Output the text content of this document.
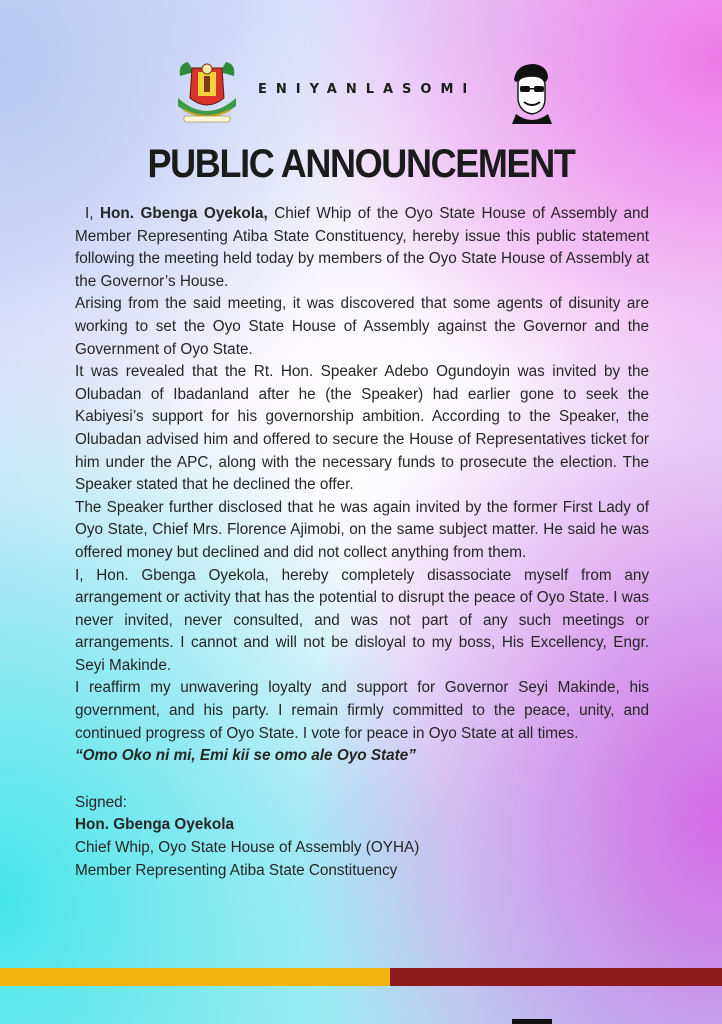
ENIYANLASOMI
PUBLIC ANNOUNCEMENT

I, Hon. Gbenga Oyekola, Chief Whip of the Oyo State House of Assembly and Member Representing Atiba State Constituency, hereby issue this public statement following the meeting held today by members of the Oyo State House of Assembly at the Governor’s House.

Arising from the said meeting, it was discovered that some agents of disunity are working to set the Oyo State House of Assembly against the Governor and the Government of Oyo State.

It was revealed that the Rt. Hon. Speaker Adebo Ogundoyin was invited by the Olubadan of Ibadanland after he (the Speaker) had earlier gone to seek the Kabiyesi’s support for his governorship ambition. According to the Speaker, the Olubadan advised him and offered to secure the House of Representatives ticket for him under the APC, along with the necessary funds to prosecute the election. The Speaker stated that he declined the offer.

The Speaker further disclosed that he was again invited by the former First Lady of Oyo State, Chief Mrs. Florence Ajimobi, on the same subject matter. He said he was offered money but declined and did not collect anything from them.

I, Hon. Gbenga Oyekola, hereby completely disassociate myself from any arrangement or activity that has the potential to disrupt the peace of Oyo State. I was never invited, never consulted, and was not part of any such meetings or arrangements. I cannot and will not be disloyal to my boss, His Excellency, Engr. Seyi Makinde.

I reaffirm my unwavering loyalty and support for Governor Seyi Makinde, his government, and his party. I remain firmly committed to the peace, unity, and continued progress of Oyo State. I vote for peace in Oyo State at all times.

“Omo Oko ni mi, Emi kii se omo ale Oyo State”

Signed:
Hon. Gbenga Oyekola
Chief Whip, Oyo State House of Assembly (OYHA)
Member Representing Atiba State Constituency
